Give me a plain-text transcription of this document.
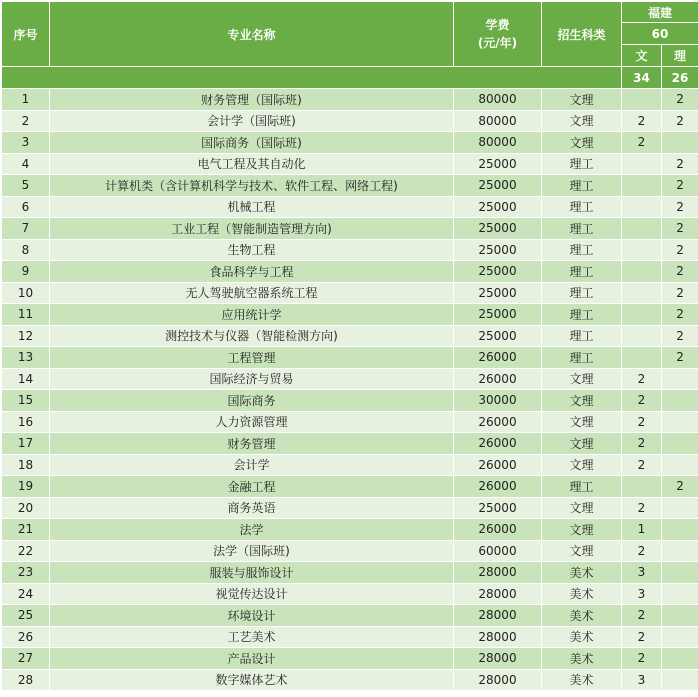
序号	专业名称	学费
(元/年)	招生科类	福建	
				60	
				文	理
				34	26
1	财务管理（国际班)	80000	文理		2
2	会计学（国际班)	80000	文理	2	2
3	国际商务（国际班)	80000	文理	2	
4	电气工程及其自动化	25000	理工		2
5	计算机类（含计算机科学与技术、软件工程、网络工程)	25000	理工		2
6	机械工程	25000	理工		2
7	工业工程（智能制造管理方向)	25000	理工		2
8	生物工程	25000	理工		2
9	食品科学与工程	25000	理工		2
10	无人驾驶航空器系统工程	25000	理工		2
11	应用统计学	25000	理工		2
12	测控技术与仪器（智能检测方向)	25000	理工		2
13	工程管理	26000	理工		2
14	国际经济与贸易	26000	文理	2	
15	国际商务	30000	文理	2	
16	人力资源管理	26000	文理	2	
17	财务管理	26000	文理	2	
18	会计学	26000	文理	2	
19	金融工程	26000	理工		2
20	商务英语	25000	文理	2	
21	法学	26000	文理	1	
22	法学（国际班)	60000	文理	2	
23	服装与服饰设计	28000	美术	3	
24	视觉传达设计	28000	美术	3	
25	环境设计	28000	美术	2	
26	工艺美术	28000	美术	2	
27	产品设计	28000	美术	2	
28	数字媒体艺术	28000	美术	3	
